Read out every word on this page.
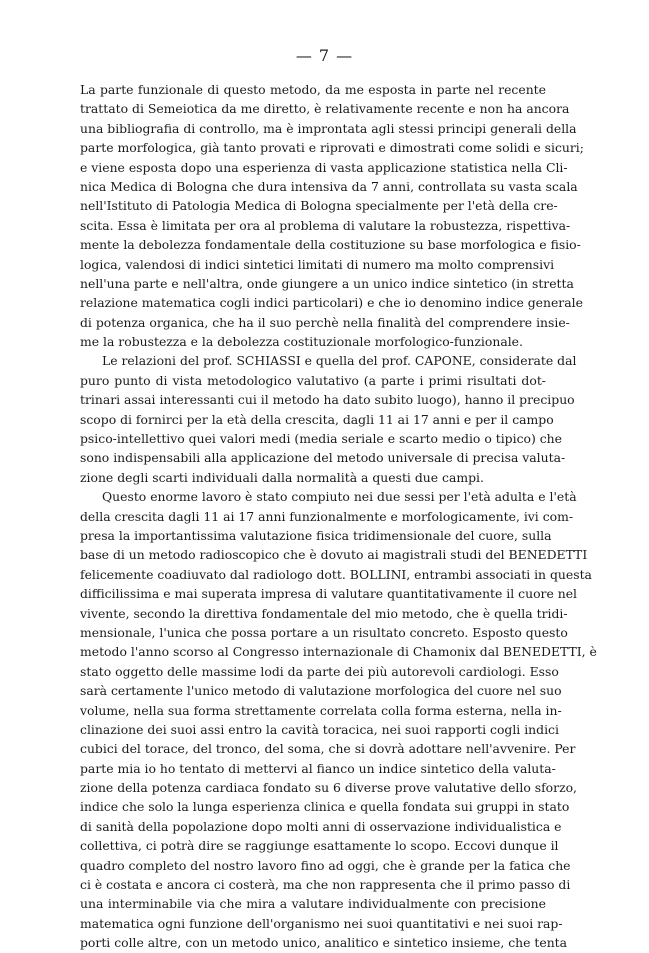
— 7 —
La parte funzionale di questo metodo, da me esposta in parte nel recente
trattato di Semeiotica da me diretto, è relativamente recente e non ha ancora
una bibliografia di controllo, ma è improntata agli stessi principi generali della
parte morfologica, già tanto provati e riprovati e dimostrati come solidi e sicuri;
e viene esposta dopo una esperienza di vasta applicazione statistica nella Cli-
nica Medica di Bologna che dura intensiva da 7 anni, controllata su vasta scala
nell'Istituto di Patologia Medica di Bologna specialmente per l'età della cre-
scita. Essa è limitata per ora al problema di valutare la robustezza, rispettiva-
mente la debolezza fondamentale della costituzione su base morfologica e fisio-
logica, valendosi di indici sintetici limitati di numero ma molto comprensivi
nell'una parte e nell'altra, onde giungere a un unico indice sintetico (in stretta
relazione matematica cogli indici particolari) e che io denomino indice generale
di potenza organica, che ha il suo perchè nella finalità del comprendere insie-
me la robustezza e la debolezza costituzionale morfologico-funzionale.
Le relazioni del prof. SCHIASSI e quella del prof. CAPONE, considerate dal
puro punto di vista metodologico valutativo (a parte i primi risultati dot-
trinari assai interessanti cui il metodo ha dato subito luogo), hanno il precipuo
scopo di fornirci per la età della crescita, dagli 11 ai 17 anni e per il campo
psico-intellettivo quei valori medi (media seriale e scarto medio o tipico) che
sono indispensabili alla applicazione del metodo universale di precisa valuta-
zione degli scarti individuali dalla normalità a questi due campi.
Questo enorme lavoro è stato compiuto nei due sessi per l'età adulta e l'età
della crescita dagli 11 ai 17 anni funzionalmente e morfologicamente, ivi com-
presa la importantissima valutazione fisica tridimensionale del cuore, sulla
base di un metodo radioscopico che è dovuto ai magistrali studi del BENEDETTI
felicemente coadiuvato dal radiologo dott. BOLLINI, entrambi associati in questa
difficilissima e mai superata impresa di valutare quantitativamente il cuore nel
vivente, secondo la direttiva fondamentale del mio metodo, che è quella tridi-
mensionale, l'unica che possa portare a un risultato concreto. Esposto questo
metodo l'anno scorso al Congresso internazionale di Chamonix dal BENEDETTI, è
stato oggetto delle massime lodi da parte dei più autorevoli cardiologi. Esso
sarà certamente l'unico metodo di valutazione morfologica del cuore nel suo
volume, nella sua forma strettamente correlata colla forma esterna, nella in-
clinazione dei suoi assi entro la cavità toracica, nei suoi rapporti cogli indici
cubici del torace, del tronco, del soma, che si dovrà adottare nell'avvenire. Per
parte mia io ho tentato di mettervi al fianco un indice sintetico della valuta-
zione della potenza cardiaca fondato su 6 diverse prove valutative dello sforzo,
indice che solo la lunga esperienza clinica e quella fondata sui gruppi in stato
di sanità della popolazione dopo molti anni di osservazione individualistica e
collettiva, ci potrà dire se raggiunge esattamente lo scopo. Eccovi dunque il
quadro completo del nostro lavoro fino ad oggi, che è grande per la fatica che
ci è costata e ancora ci costerà, ma che non rappresenta che il primo passo di
una interminabile via che mira a valutare individualmente con precisione
matematica ogni funzione dell'organismo nei suoi quantitativi e nei suoi rap-
porti colle altre, con un metodo unico, analitico e sintetico insieme, che tenta
